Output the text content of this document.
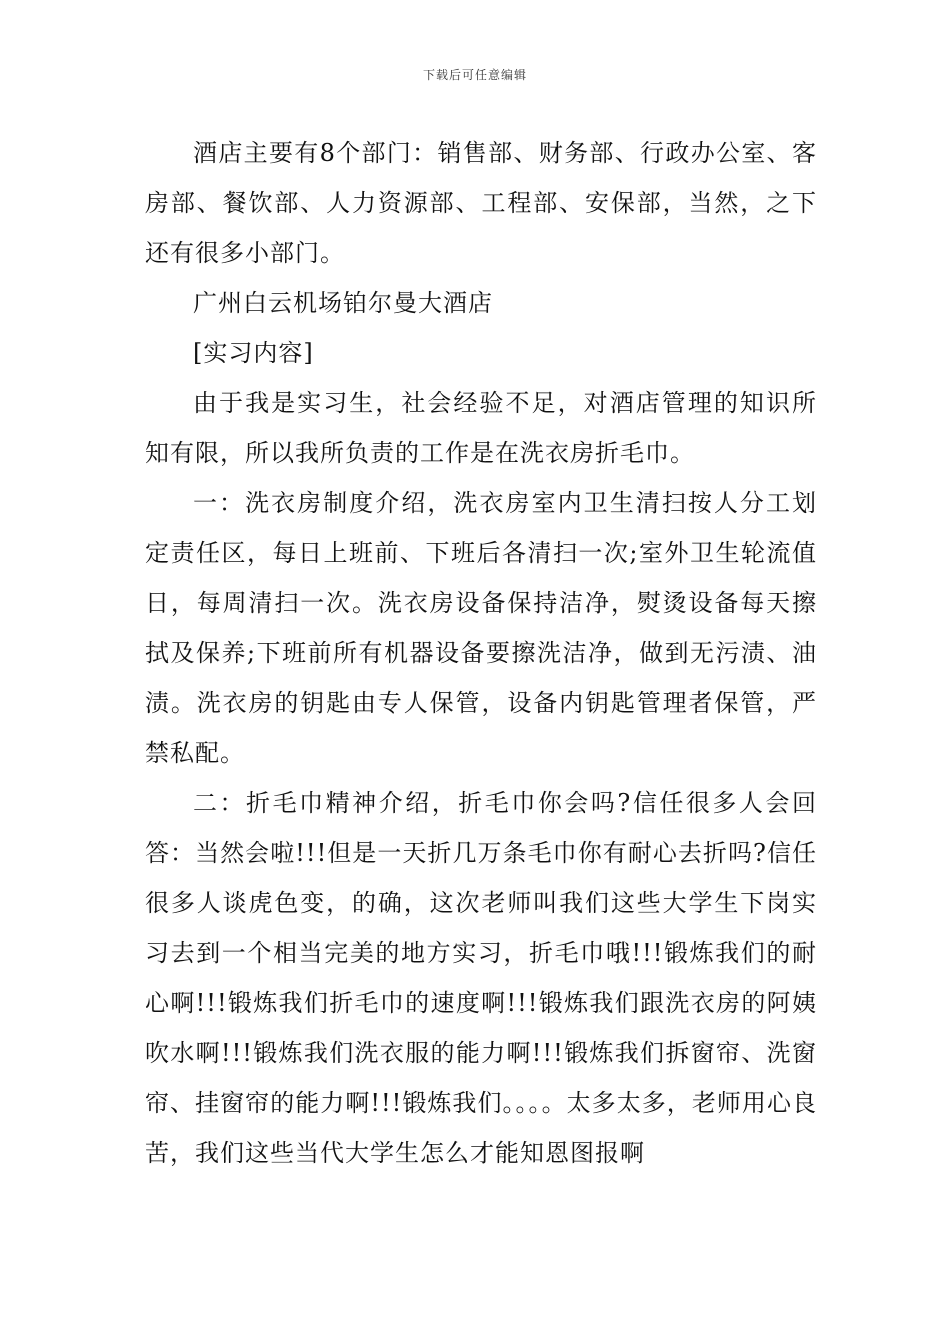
下载后可任意编辑

酒店主要有8个部门：销售部、财务部、行政办公室、客房部、餐饮部、人力资源部、工程部、安保部，当然，之下还有很多小部门。

广州白云机场铂尔曼大酒店

[实习内容]

由于我是实习生，社会经验不足，对酒店管理的知识所知有限，所以我所负责的工作是在洗衣房折毛巾。

一：洗衣房制度介绍，洗衣房室内卫生清扫按人分工划定责任区，每日上班前、下班后各清扫一次;室外卫生轮流值日，每周清扫一次。洗衣房设备保持洁净，熨烫设备每天擦拭及保养;下班前所有机器设备要擦洗洁净，做到无污渍、油渍。洗衣房的钥匙由专人保管，设备内钥匙管理者保管，严禁私配。

二：折毛巾精神介绍，折毛巾你会吗?信任很多人会回答：当然会啦!!!但是一天折几万条毛巾你有耐心去折吗?信任很多人谈虎色变，的确，这次老师叫我们这些大学生下岗实习去到一个相当完美的地方实习，折毛巾哦!!!锻炼我们的耐心啊!!!锻炼我们折毛巾的速度啊!!!锻炼我们跟洗衣房的阿姨吹水啊!!!锻炼我们洗衣服的能力啊!!!锻炼我们拆窗帘、洗窗帘、挂窗帘的能力啊!!!锻炼我们。。。。太多太多，老师用心良苦，我们这些当代大学生怎么才能知恩图报啊
